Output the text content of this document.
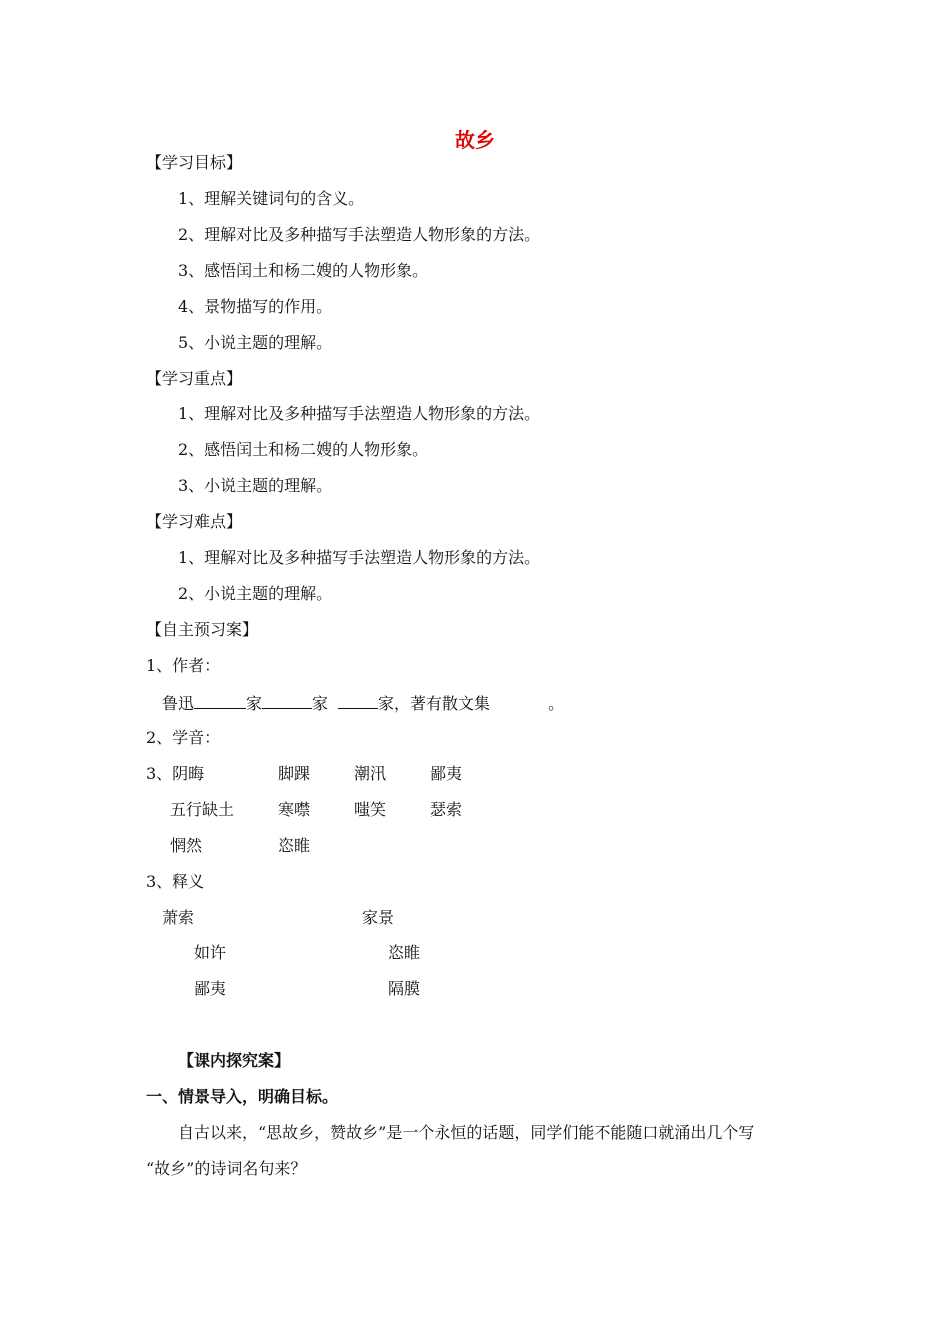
故乡
【学习目标】
1、理解关键词句的含义。
2、理解对比及多种描写手法塑造人物形象的方法。
3、感悟闰土和杨二嫂的人物形象。
4、景物描写的作用。
5、小说主题的理解。
【学习重点】
1、理解对比及多种描写手法塑造人物形象的方法。
2、感悟闰土和杨二嫂的人物形象。
3、小说主题的理解。
【学习难点】
1、理解对比及多种描写手法塑造人物形象的方法。
2、小说主题的理解。
【自主预习案】
1、作者：
鲁迅	家	家	家，著有散文集	。
2、学音：
3、阴晦	脚踝	潮汛	鄙夷
五行缺土	寒噤	嗤笑	瑟索
惘然	恣睢
3、释义
萧索	家景
如许	恣睢
鄙夷	隔膜
【课内探究案】
一、情景导入，明确目标。
自古以来，“思故乡，赞故乡”是一个永恒的话题，同学们能不能随口就涌出几个写
“故乡”的诗词名句来？
